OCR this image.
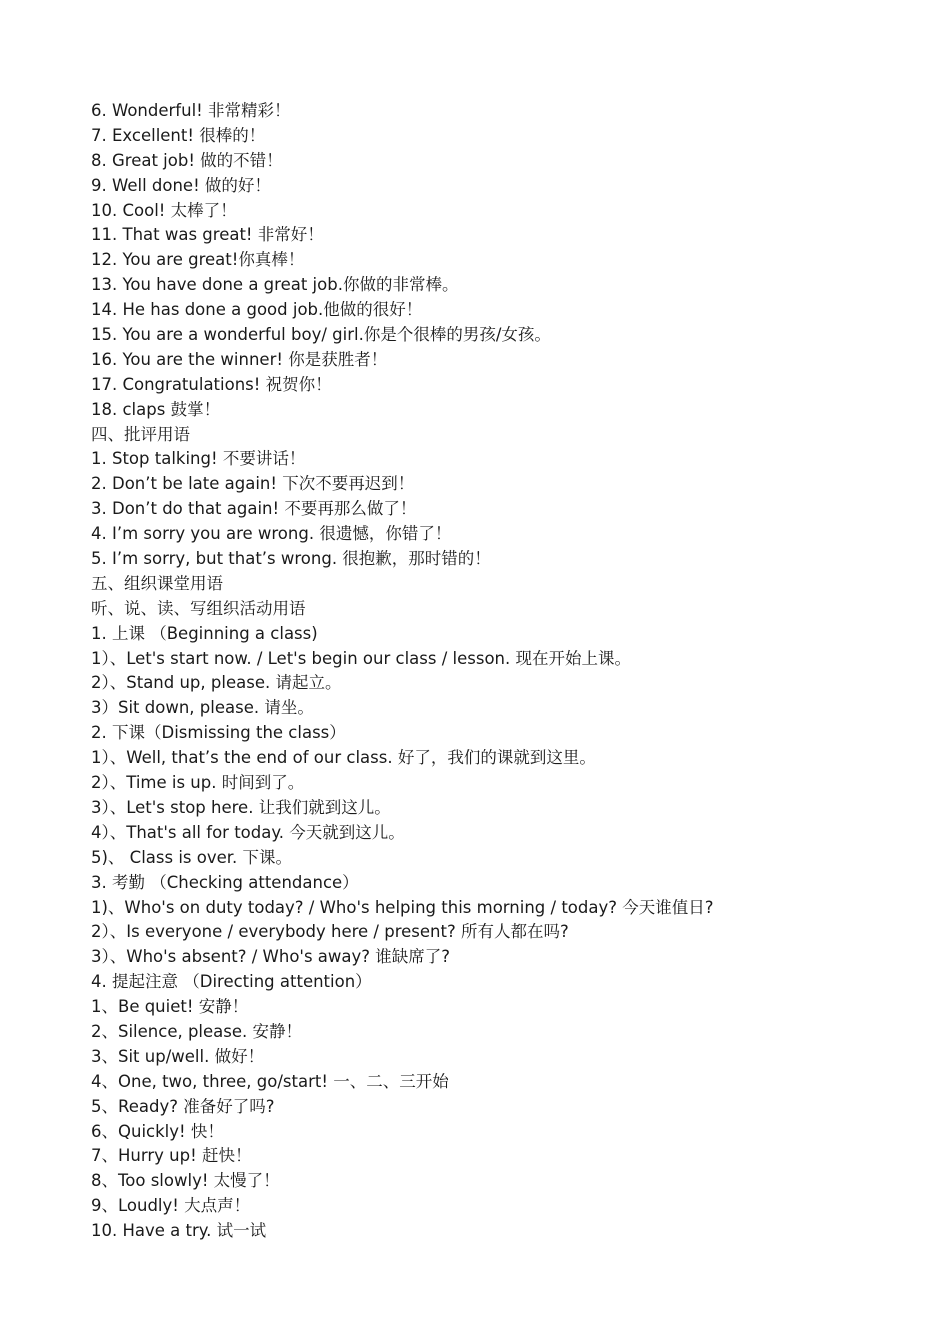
6. Wonderful! 非常精彩！
7. Excellent! 很棒的！
8. Great job! 做的不错！
9. Well done! 做的好！
10. Cool! 太棒了！
11. That was great! 非常好！
12. You are great!你真棒！
13. You have done a great job.你做的非常棒。
14. He has done a good job.他做的很好！
15. You are a wonderful boy/ girl.你是个很棒的男孩/女孩。
16. You are the winner! 你是获胜者！
17. Congratulations! 祝贺你！
18. claps 鼓掌！
四、批评用语
1. Stop talking! 不要讲话！
2. Don’t be late again! 下次不要再迟到！
3. Don’t do that again! 不要再那么做了！
4. I’m sorry you are wrong. 很遗憾，你错了！
5. I’m sorry, but that’s wrong. 很抱歉，那时错的！
五、组织课堂用语
听、说、读、写组织活动用语
1. 上课 （Beginning a class)
1）、Let's start now. / Let's begin our class / lesson. 现在开始上课。
2）、Stand up, please. 请起立。
3）Sit down, please. 请坐。
2. 下课（Dismissing the class）
1）、Well, that’s the end of our class. 好了，我们的课就到这里。
2）、Time is up. 时间到了。
3）、Let's stop here. 让我们就到这儿。
4）、That's all for today. 今天就到这儿。
5)、 Class is over. 下课。
3. 考勤 （Checking attendance）
1)、Who's on duty today? / Who's helping this morning / today? 今天谁值日?
2）、Is everyone / everybody here / present? 所有人都在吗?
3）、Who's absent? / Who's away? 谁缺席了?
4. 提起注意 （Directing attention）
1、Be quiet! 安静！
2、Silence, please. 安静！
3、Sit up/well. 做好！
4、One, two, three, go/start! 一、二、三开始
5、Ready? 准备好了吗?
6、Quickly! 快！
7、Hurry up! 赶快！
8、Too slowly! 太慢了！
9、Loudly! 大点声！
10. Have a try. 试一试
